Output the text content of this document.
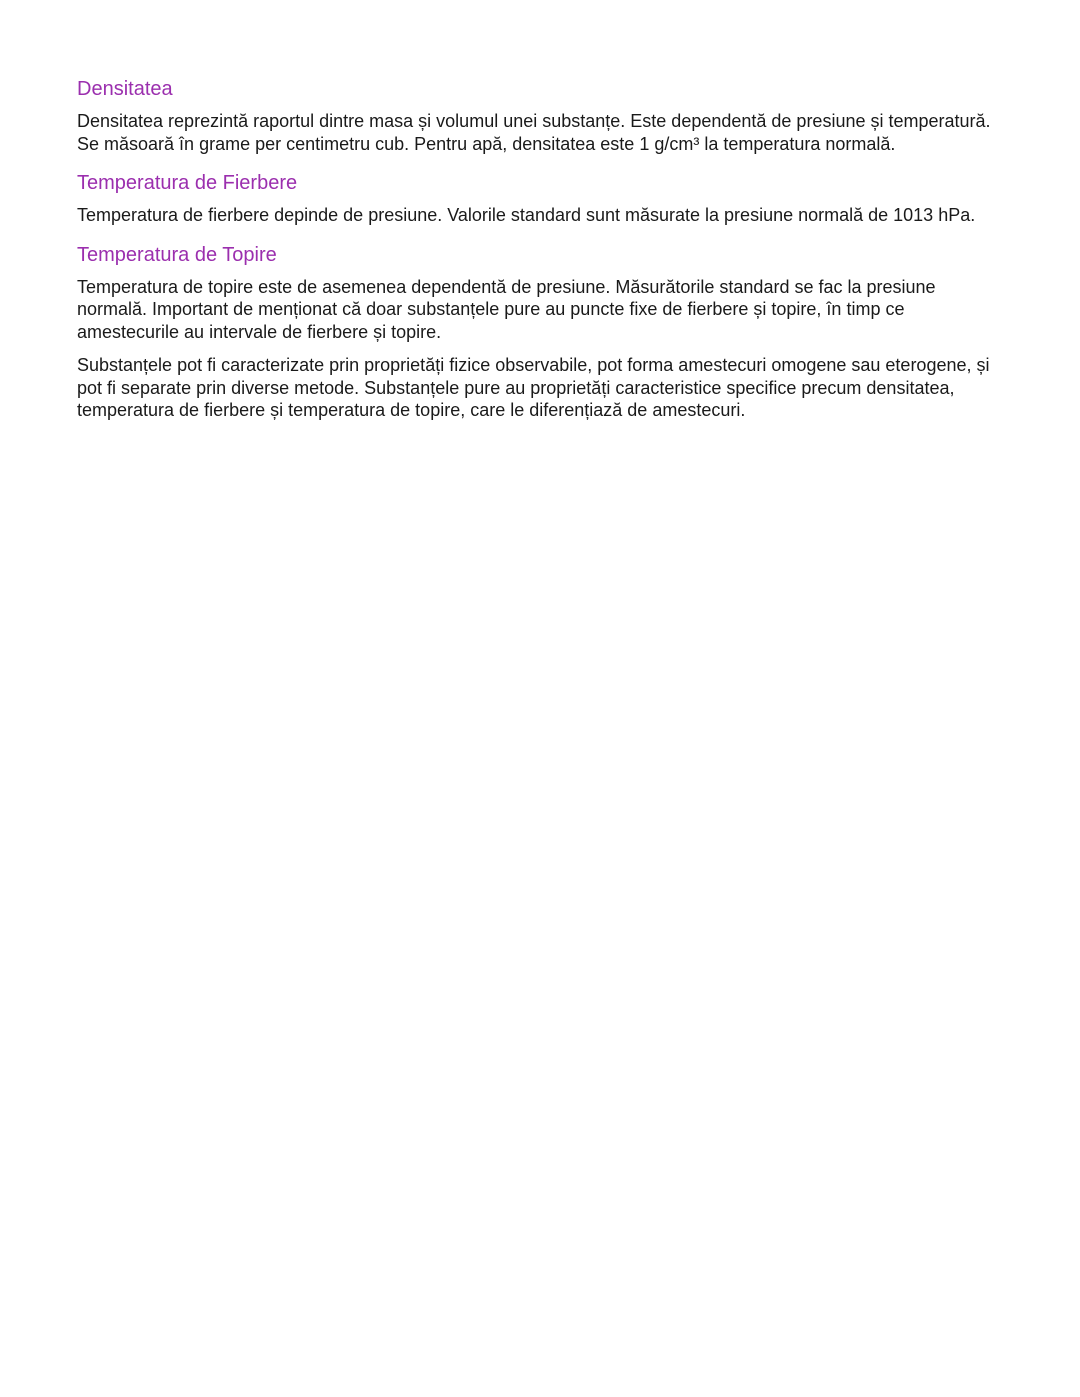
Densitatea

Densitatea reprezintă raportul dintre masa și volumul unei substanțe. Este dependentă de presiune și temperatură. Se măsoară în grame per centimetru cub. Pentru apă, densitatea este 1 g/cm³ la temperatura normală.

Temperatura de Fierbere

Temperatura de fierbere depinde de presiune. Valorile standard sunt măsurate la presiune normală de 1013 hPa.

Temperatura de Topire

Temperatura de topire este de asemenea dependentă de presiune. Măsurătorile standard se fac la presiune normală. Important de menționat că doar substanțele pure au puncte fixe de fierbere și topire, în timp ce amestecurile au intervale de fierbere și topire.

Substanțele pot fi caracterizate prin proprietăți fizice observabile, pot forma amestecuri omogene sau eterogene, și pot fi separate prin diverse metode. Substanțele pure au proprietăți caracteristice specifice precum densitatea, temperatura de fierbere și temperatura de topire, care le diferențiază de amestecuri.
